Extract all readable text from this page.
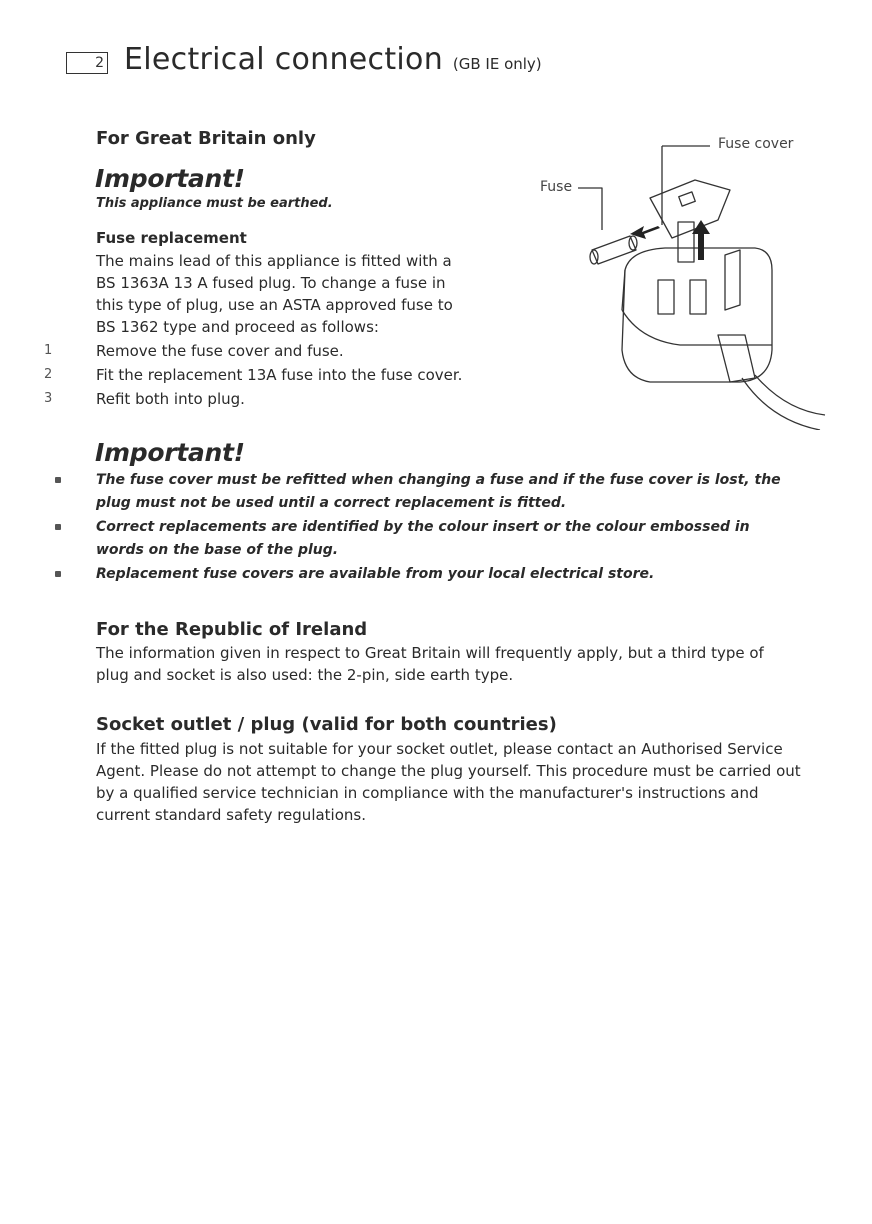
2 Electrical connection (GB IE only)
For Great Britain only
Important!
This appliance must be earthed.
Fuse replacement

The mains lead of this appliance is fitted with a

BS 1363A 13 A fused plug. To change a fuse in

this type of plug, use an ASTA approved fuse to

BS 1362 type and proceed as follows:

1	Remove the fuse cover and fuse.
2	Fit the replacement 13A fuse into the fuse cover.
3	Refit both into plug.
Fuse cover
Fuse
Important!
The fuse cover must be refitted when changing a fuse and if the fuse cover is lost, the plug must not be used until a correct replacement is fitted.
Correct replacements are identified by the colour insert or the colour embossed in words on the base of the plug.
Replacement fuse covers are available from your local electrical store.
For the Republic of Ireland
The information given in respect to Great Britain will frequently apply, but a third type of plug and socket is also used: the 2-pin, side earth type.
Socket outlet / plug (valid for both countries)
If the fitted plug is not suitable for your socket outlet, please contact an Authorised Service Agent. Please do not attempt to change the plug yourself. This procedure must be carried out by a qualified service technician in compliance with the manufacturer's instructions and current standard safety regulations.
